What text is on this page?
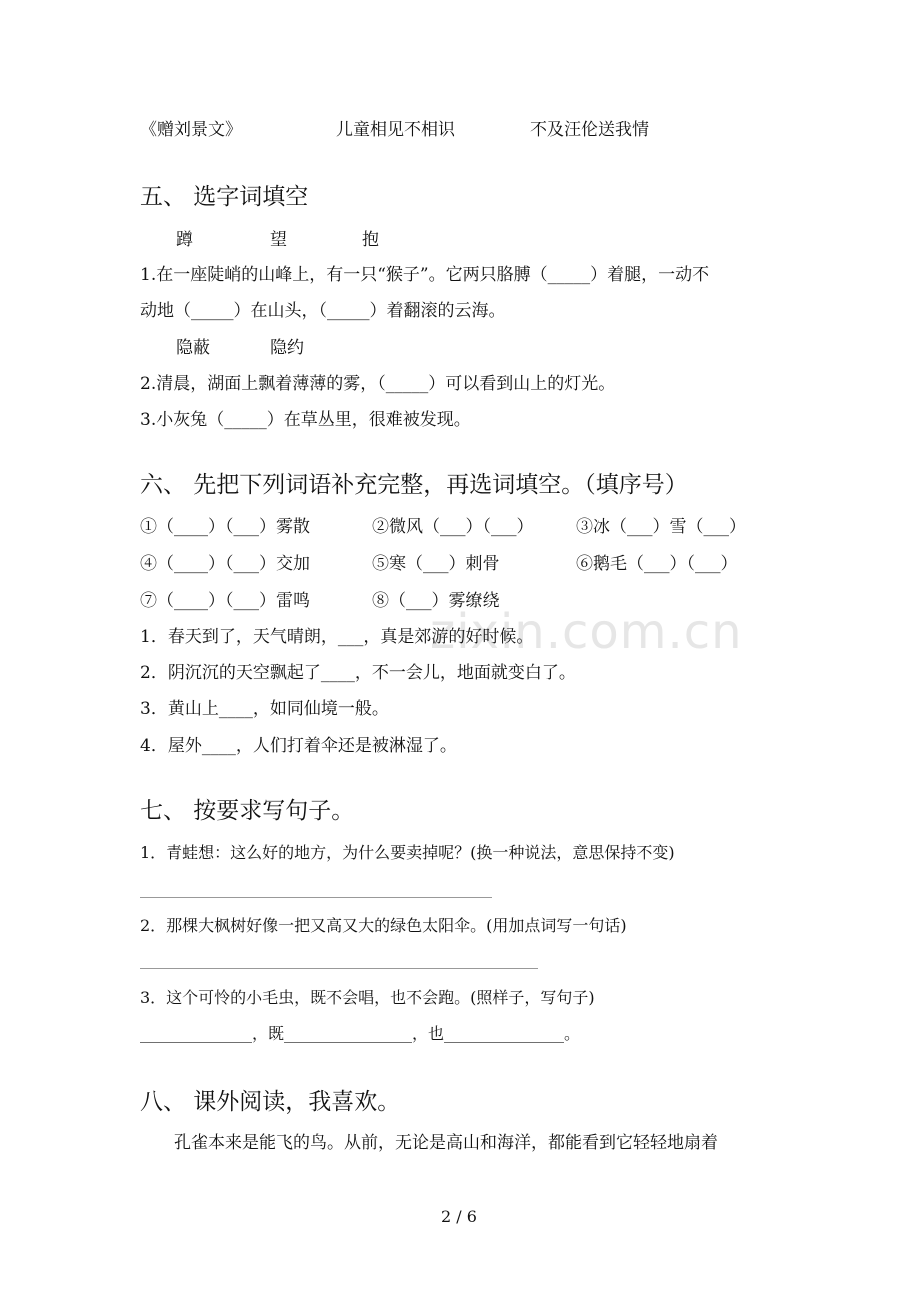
zixin.com.cn
《赠刘景文》	儿童相见不相识	不及汪伦送我情
五、 选字词填空
蹲	望	抱
1.在一座陡峭的山峰上，有一只“猴子”。它两只胳膊（_____）着腿，一动不
动地（_____）在山头，（_____）着翻滚的云海。
隐蔽	隐约
2.清晨，湖面上飘着薄薄的雾，（_____）可以看到山上的灯光。
3.小灰兔（_____）在草丛里，很难被发现。
六、 先把下列词语补充完整，再选词填空。（填序号）
①（____）（___）雾散	②微风（___）（___）	③冰（___）雪（___）
④（____）（___）交加	⑤寒（___）刺骨	⑥鹅毛（___）（___）
⑦（____）（___）雷鸣	⑧（___）雾缭绕
1．春天到了，天气晴朗，___，真是郊游的好时候。
2．阴沉沉的天空飘起了____，不一会儿，地面就变白了。
3．黄山上____，如同仙境一般。
4．屋外____，人们打着伞还是被淋湿了。
七、 按要求写句子。
1．青蛙想：这么好的地方，为什么要卖掉呢？(换一种说法，意思保持不变)
2．那棵大枫树好像一把又高又大的绿色太阳伞。(用加点词写一句话)
3．这个可怜的小毛虫，既不会唱，也不会跑。(照样子，写句子)
______________，既________________，也_______________。
八、 课外阅读，我喜欢。
孔雀本来是能飞的鸟。从前，无论是高山和海洋，都能看到它轻轻地扇着
2 / 6
